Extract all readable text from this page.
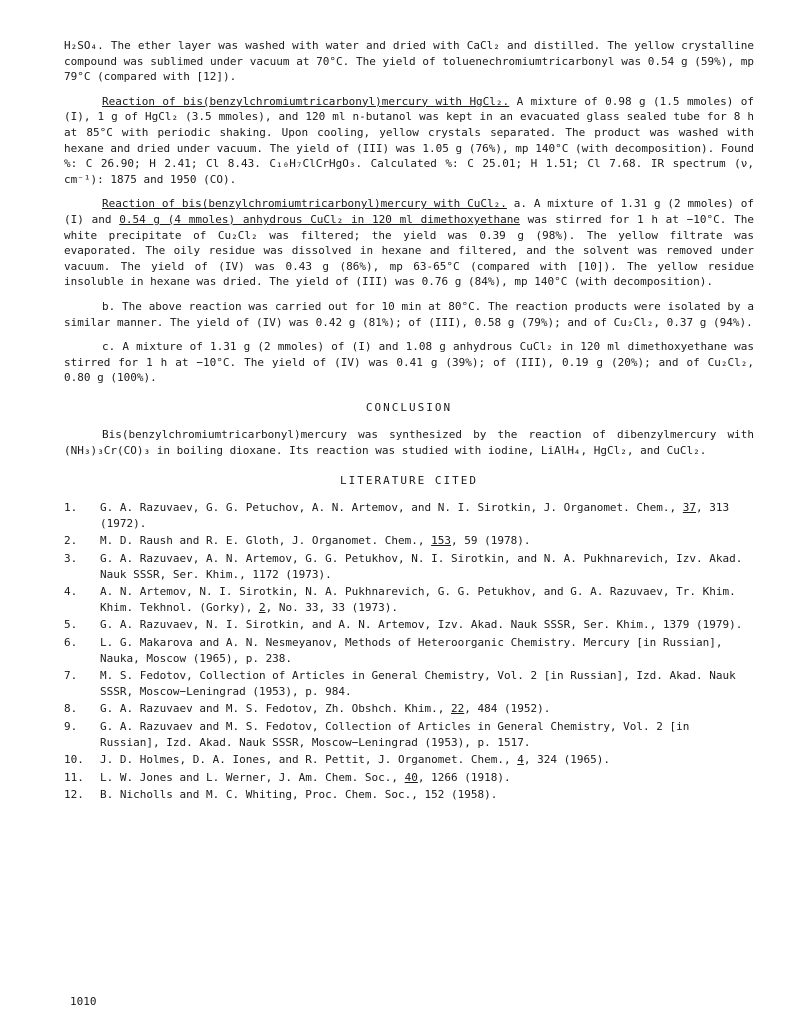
H₂SO₄. The ether layer was washed with water and dried with CaCl₂ and distilled. The yellow crystalline compound was sublimed under vacuum at 70°C. The yield of toluenechromiumtricarbonyl was 0.54 g (59%), mp 79°C (compared with [12]).

Reaction of bis(benzylchromiumtricarbonyl)mercury with HgCl₂. A mixture of 0.98 g (1.5 mmoles) of (I), 1 g of HgCl₂ (3.5 mmoles), and 120 ml n-butanol was kept in an evacuated glass sealed tube for 8 h at 85°C with periodic shaking. Upon cooling, yellow crystals separated. The product was washed with hexane and dried under vacuum. The yield of (III) was 1.05 g (76%), mp 140°C (with decomposition). Found %: C 26.90; H 2.41; Cl 8.43. C₁₀H₇ClCrHgO₃. Calculated %: C 25.01; H 1.51; Cl 7.68. IR spectrum (ν, cm⁻¹): 1875 and 1950 (CO).

Reaction of bis(benzylchromiumtricarbonyl)mercury with CuCl₂. a. A mixture of 1.31 g (2 mmoles) of (I) and 0.54 g (4 mmoles) anhydrous CuCl₂ in 120 ml dimethoxyethane was stirred for 1 h at −10°C. The white precipitate of Cu₂Cl₂ was filtered; the yield was 0.39 g (98%). The yellow filtrate was evaporated. The oily residue was dissolved in hexane and filtered, and the solvent was removed under vacuum. The yield of (IV) was 0.43 g (86%), mp 63-65°C (compared with [10]). The yellow residue insoluble in hexane was dried. The yield of (III) was 0.76 g (84%), mp 140°C (with decomposition).

b. The above reaction was carried out for 10 min at 80°C. The reaction products were isolated by a similar manner. The yield of (IV) was 0.42 g (81%); of (III), 0.58 g (79%); and of Cu₂Cl₂, 0.37 g (94%).

c. A mixture of 1.31 g (2 mmoles) of (I) and 1.08 g anhydrous CuCl₂ in 120 ml dimethoxyethane was stirred for 1 h at −10°C. The yield of (IV) was 0.41 g (39%); of (III), 0.19 g (20%); and of Cu₂Cl₂, 0.80 g (100%).

CONCLUSION

Bis(benzylchromiumtricarbonyl)mercury was synthesized by the reaction of dibenzylmercury with (NH₃)₃Cr(CO)₃ in boiling dioxane. Its reaction was studied with iodine, LiAlH₄, HgCl₂, and CuCl₂.

LITERATURE CITED
1.	G. A. Razuvaev, G. G. Petuchov, A. N. Artemov, and N. I. Sirotkin, J. Organomet. Chem., 37, 313 (1972).
2.	M. D. Raush and R. E. Gloth, J. Organomet. Chem., 153, 59 (1978).
3.	G. A. Razuvaev, A. N. Artemov, G. G. Petukhov, N. I. Sirotkin, and N. A. Pukhnarevich, Izv. Akad. Nauk SSSR, Ser. Khim., 1172 (1973).
4.	A. N. Artemov, N. I. Sirotkin, N. A. Pukhnarevich, G. G. Petukhov, and G. A. Razuvaev, Tr. Khim. Khim. Tekhnol. (Gorky), 2, No. 33, 33 (1973).
5.	G. A. Razuvaev, N. I. Sirotkin, and A. N. Artemov, Izv. Akad. Nauk SSSR, Ser. Khim., 1379 (1979).
6.	L. G. Makarova and A. N. Nesmeyanov, Methods of Heteroorganic Chemistry. Mercury [in Russian], Nauka, Moscow (1965), p. 238.
7.	M. S. Fedotov, Collection of Articles in General Chemistry, Vol. 2 [in Russian], Izd. Akad. Nauk SSSR, Moscow−Leningrad (1953), p. 984.
8.	G. A. Razuvaev and M. S. Fedotov, Zh. Obshch. Khim., 22, 484 (1952).
9.	G. A. Razuvaev and M. S. Fedotov, Collection of Articles in General Chemistry, Vol. 2 [in Russian], Izd. Akad. Nauk SSSR, Moscow−Leningrad (1953), p. 1517.
10.	J. D. Holmes, D. A. Iones, and R. Pettit, J. Organomet. Chem., 4, 324 (1965).
11.	L. W. Jones and L. Werner, J. Am. Chem. Soc., 40, 1266 (1918).
12.	B. Nicholls and M. C. Whiting, Proc. Chem. Soc., 152 (1958).
1010
